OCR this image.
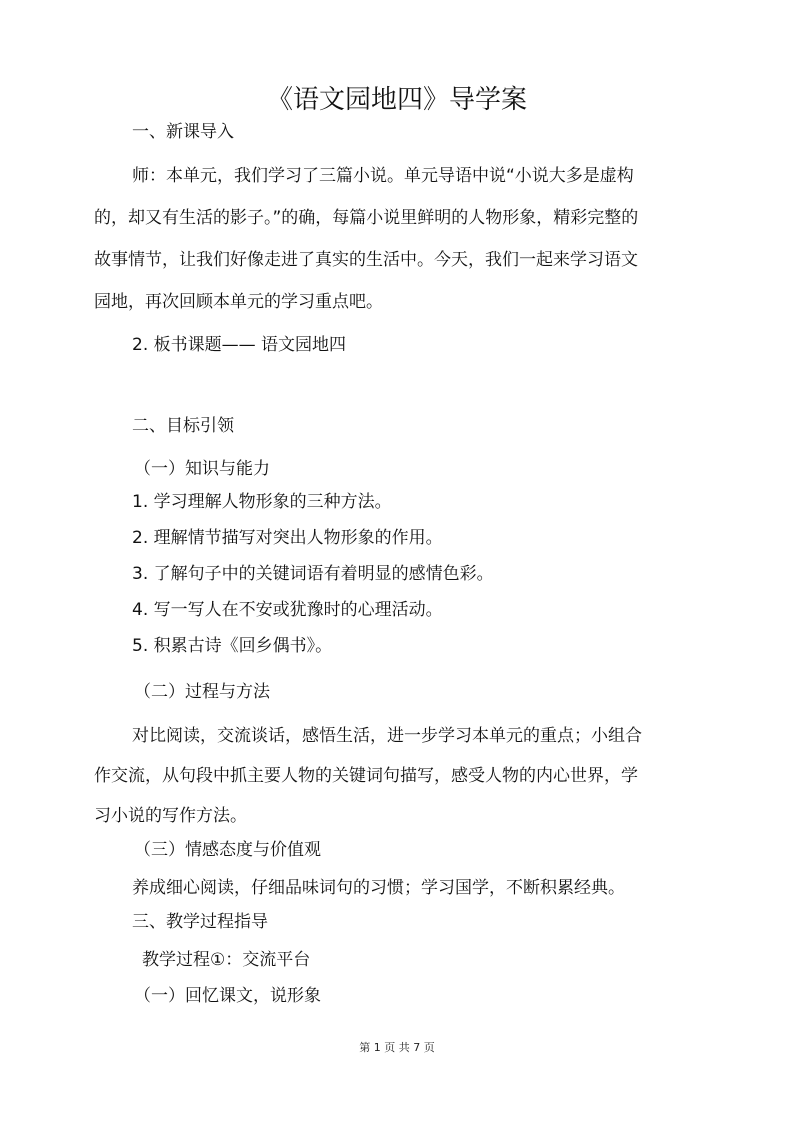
《语文园地四》导学案
一、新课导入
师：本单元，我们学习了三篇小说。单元导语中说“小说大多是虚构
的，却又有生活的影子。”的确，每篇小说里鲜明的人物形象，精彩完整的
故事情节，让我们好像走进了真实的生活中。今天，我们一起来学习语文
园地，再次回顾本单元的学习重点吧。
2. 板书课题—— 语文园地四
二、目标引领
（一）知识与能力
1. 学习理解人物形象的三种方法。
2. 理解情节描写对突出人物形象的作用。
3. 了解句子中的关键词语有着明显的感情色彩。
4. 写一写人在不安或犹豫时的心理活动。
5. 积累古诗《回乡偶书》。
（二）过程与方法
对比阅读，交流谈话，感悟生活，进一步学习本单元的重点；小组合
作交流，从句段中抓主要人物的关键词句描写，感受人物的内心世界，学
习小说的写作方法。
（三）情感态度与价值观
养成细心阅读，仔细品味词句的习惯；学习国学，不断积累经典。
三、教学过程指导
教学过程①：交流平台
（一）回忆课文，说形象
第 1 页 共 7 页
